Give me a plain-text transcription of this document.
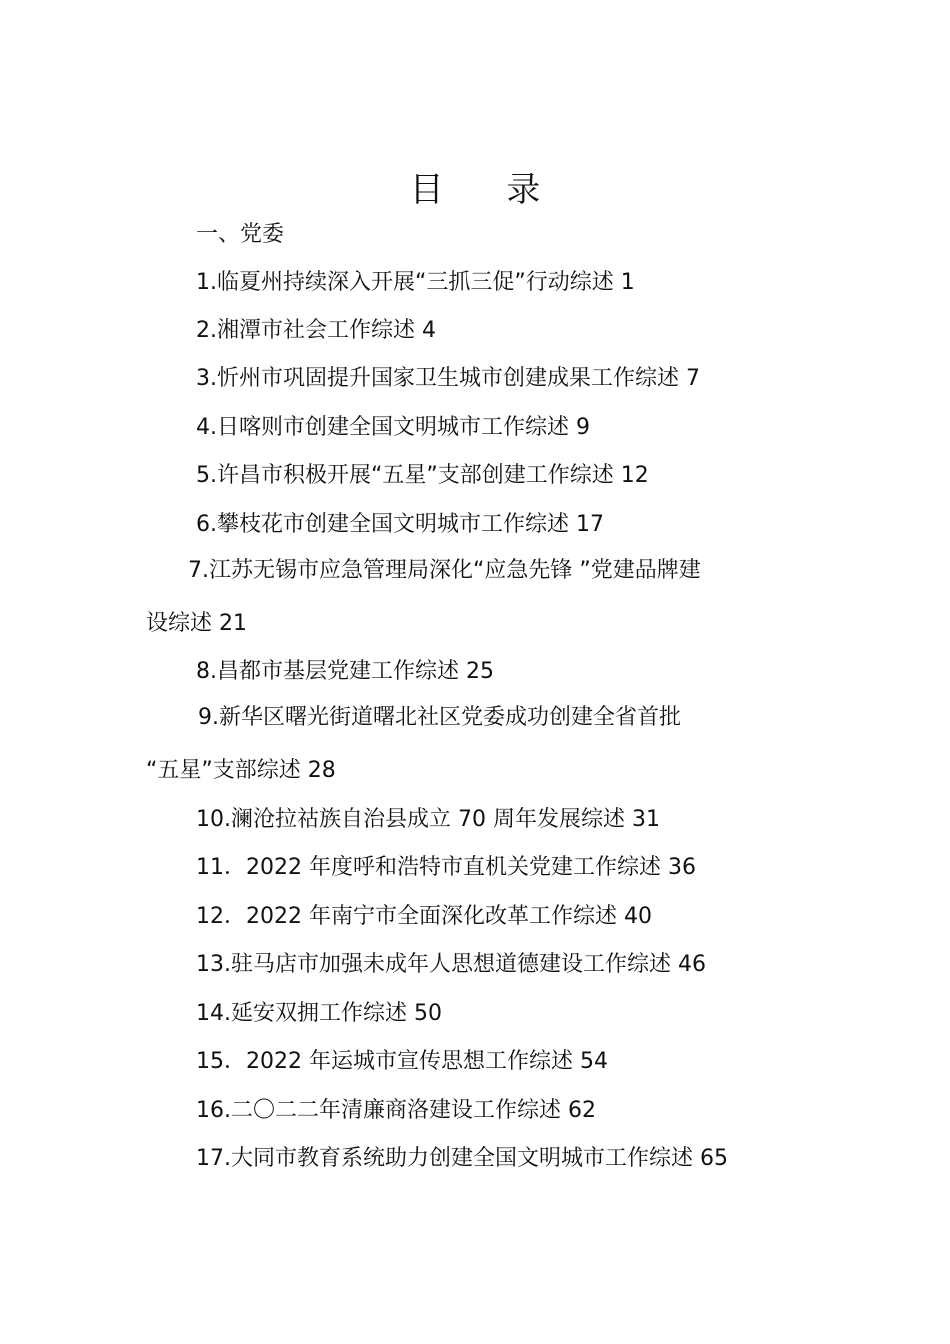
目 录
一、党委
1.临夏州持续深入开展“三抓三促”行动综述 1
2.湘潭市社会工作综述 4
3.忻州市巩固提升国家卫生城市创建成果工作综述 7
4.日喀则市创建全国文明城市工作综述 9
5.许昌市积极开展“五星”支部创建工作综述 12
6.攀枝花市创建全国文明城市工作综述 17
7.江苏无锡市应急管理局深化“应急先锋 ”党建品牌建
设综述 21
8.昌都市基层党建工作综述 25
9.新华区曙光街道曙北社区党委成功创建全省首批
“五星”支部综述 28
10.澜沧拉祜族自治县成立 70 周年发展综述 31
11．2022 年度呼和浩特市直机关党建工作综述 36
12．2022 年南宁市全面深化改革工作综述 40
13.驻马店市加强未成年人思想道德建设工作综述 46
14.延安双拥工作综述 50
15．2022 年运城市宣传思想工作综述 54
16.二〇二二年清廉商洛建设工作综述 62
17.大同市教育系统助力创建全国文明城市工作综述 65
